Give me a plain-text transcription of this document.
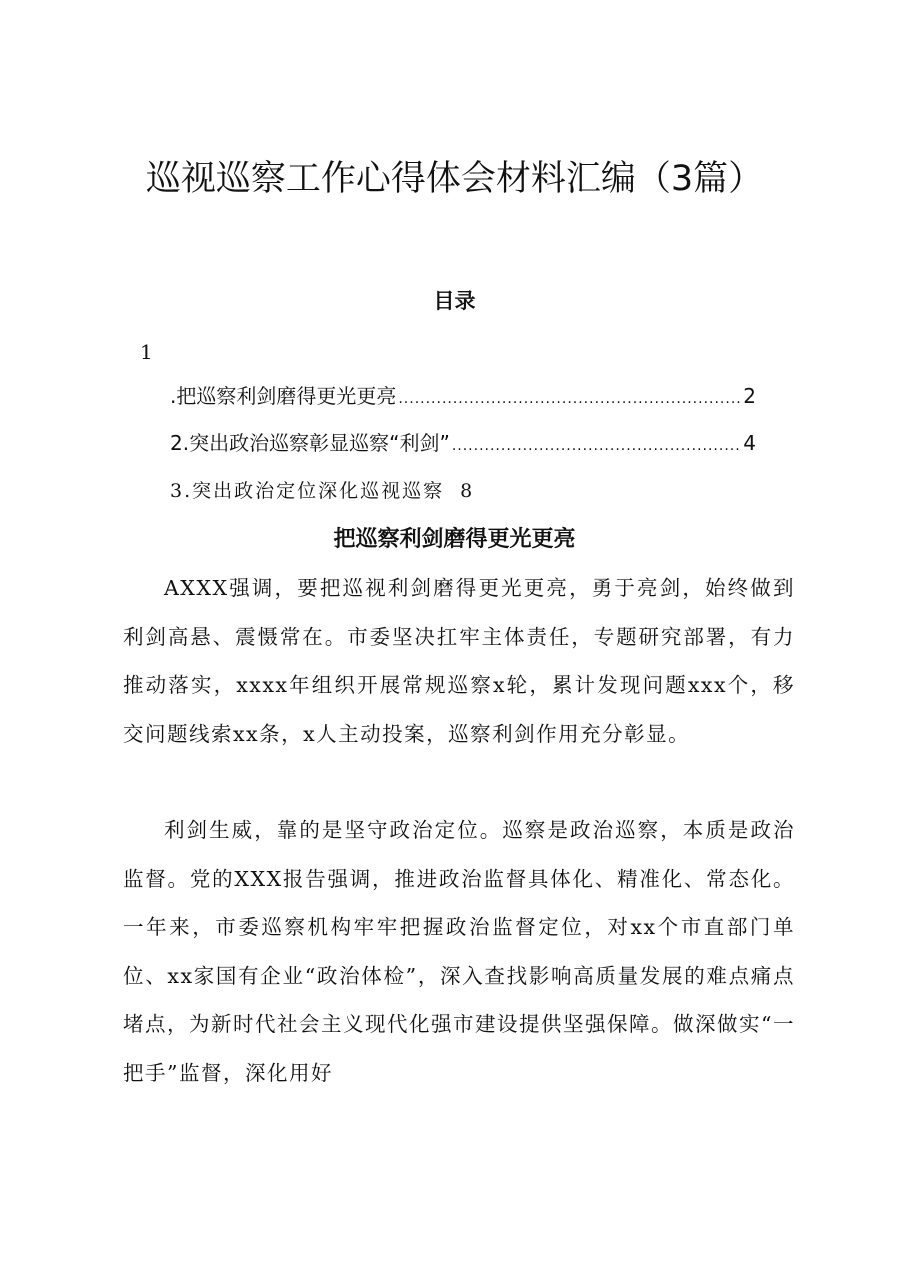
巡视巡察工作心得体会材料汇编（3篇）
目录
1
.把巡察利剑磨得更光更亮 .....	2
2.突出政治巡察彰显巡察“利剑” .....	4
3.突出政治定位深化巡视巡察 8
把巡察利剑磨得更光更亮

AXXX强调，要把巡视利剑磨得更光更亮，勇于亮剑，始终做到利剑高悬、震慑常在。市委坚决扛牢主体责任，专题研究部署，有力推动落实，xxxx年组织开展常规巡察x轮，累计发现问题xxx个，移交问题线索xx条，x人主动投案，巡察利剑作用充分彰显。

利剑生威，靠的是坚守政治定位。巡察是政治巡察，本质是政治监督。党的XXX报告强调，推进政治监督具体化、精准化、常态化。一年来，市委巡察机构牢牢把握政治监督定位，对xx个市直部门单位、xx家国有企业“政治体检”，深入查找影响高质量发展的难点痛点堵点，为新时代社会主义现代化强市建设提供坚强保障。做深做实“一把手”监督，深化用好
